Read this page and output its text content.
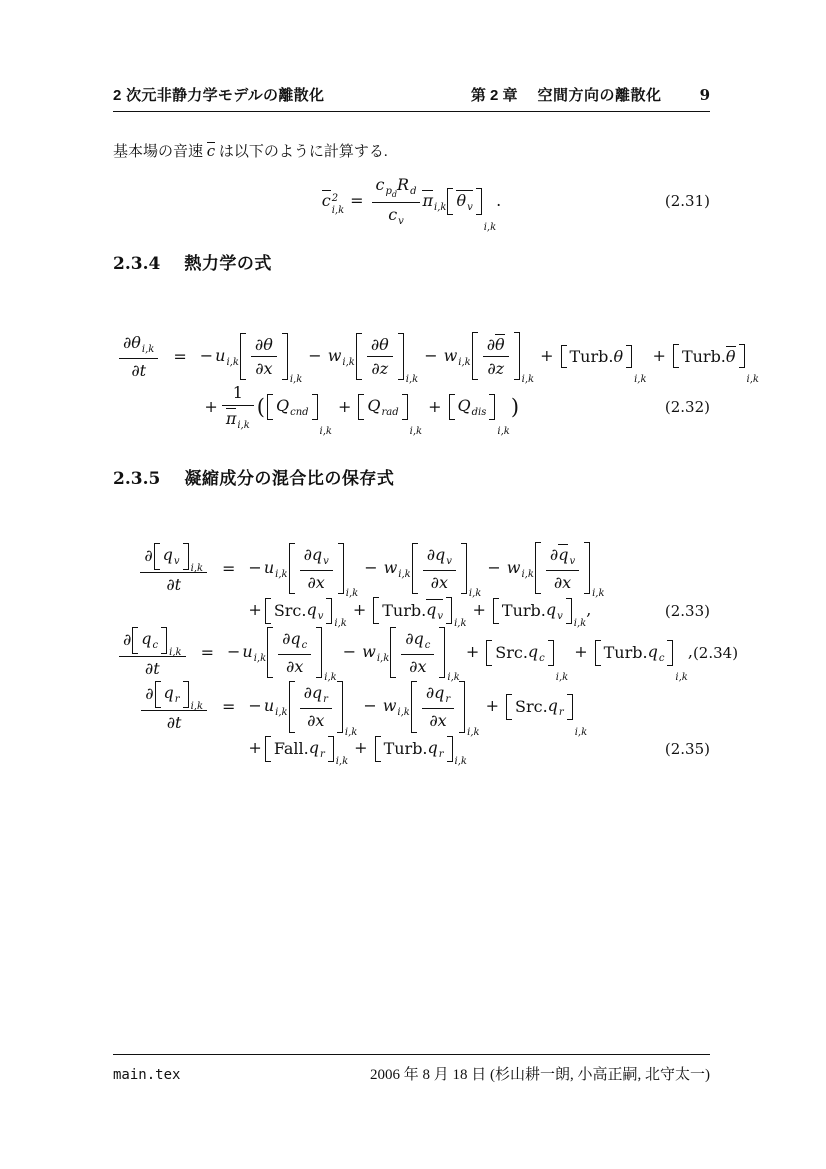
2 次元非静力学モデルの離散化	第 2 章 空間方向の離散化	9
基本場の音速 c は以下のように計算する.
c 2
i,k
=
$c_{p_d}R_d$
$c_v$
$\pi_{i,k}$ $\theta_v$
$_{i,k}$.	(2.31)
2.3.4 熱力学の式
$\frac{\partial\theta_{i,k}}{\partial t}$ = − $u_{i,k} \frac{\partial\theta}{\partial x}$
$_{i,k}- w_{i,k} \frac{\partial\theta}{\partial z}$
$_{i,k}- w_{i,k} \frac{\partial\theta}{\partial z}$
$_{i,k}$+ Turb. θ
$_{i,k}$+ Turb. θ
$_{i,k}$
+ $\frac{1}{\pi_{i,k}}$ ( $Q_{cnd}$
$_{i,k}+ Q_{rad}$
$_{i,k}+ Q_{dis}$
$_{i,k}$)	(2.32)
2.3.5 凝縮成分の混合比の保存式
∂ $q_v$
$_{i,k}$
∂t
= − $u_{i,k} \frac{\partial q_v}{\partial x}$
$_{i,k}- w_{i,k} \frac{\partial q_v}{\partial x}$
$_{i,k}- w_{i,k} \frac{\partial q_v}{\partial x}$
$_{i,k}$
+ Src. $q_v$
$_{i,k}$+ Turb. $q_v$
$_{i,k}$+ Turb. $q_v$
$_{i,k}$,	(2.33)
∂ $q_c$
$_{i,k}$
∂t
= − $u_{i,k} \frac{\partial q_c}{\partial x}$
$_{i,k}- w_{i,k} \frac{\partial q_c}{\partial x}$
$_{i,k}$+ Src. $q_c$
$_{i,k}$+ Turb. $q_c$
$_{i,k}$, (2.34)
∂ $q_r$
$_{i,k}$
∂t
= − $u_{i,k} \frac{\partial q_r}{\partial x}$
$_{i,k}- w_{i,k} \frac{\partial q_r}{\partial x}$
$_{i,k}$+ Src. $q_r$
$_{i,k}$
+ Fall. $q_r$
$_{i,k}$+ Turb. $q_r$
$_{i,k}$
(2.35)
main.tex	2006 年 8 月 18 日 (杉山耕一朗, 小高正嗣, 北守太一)
